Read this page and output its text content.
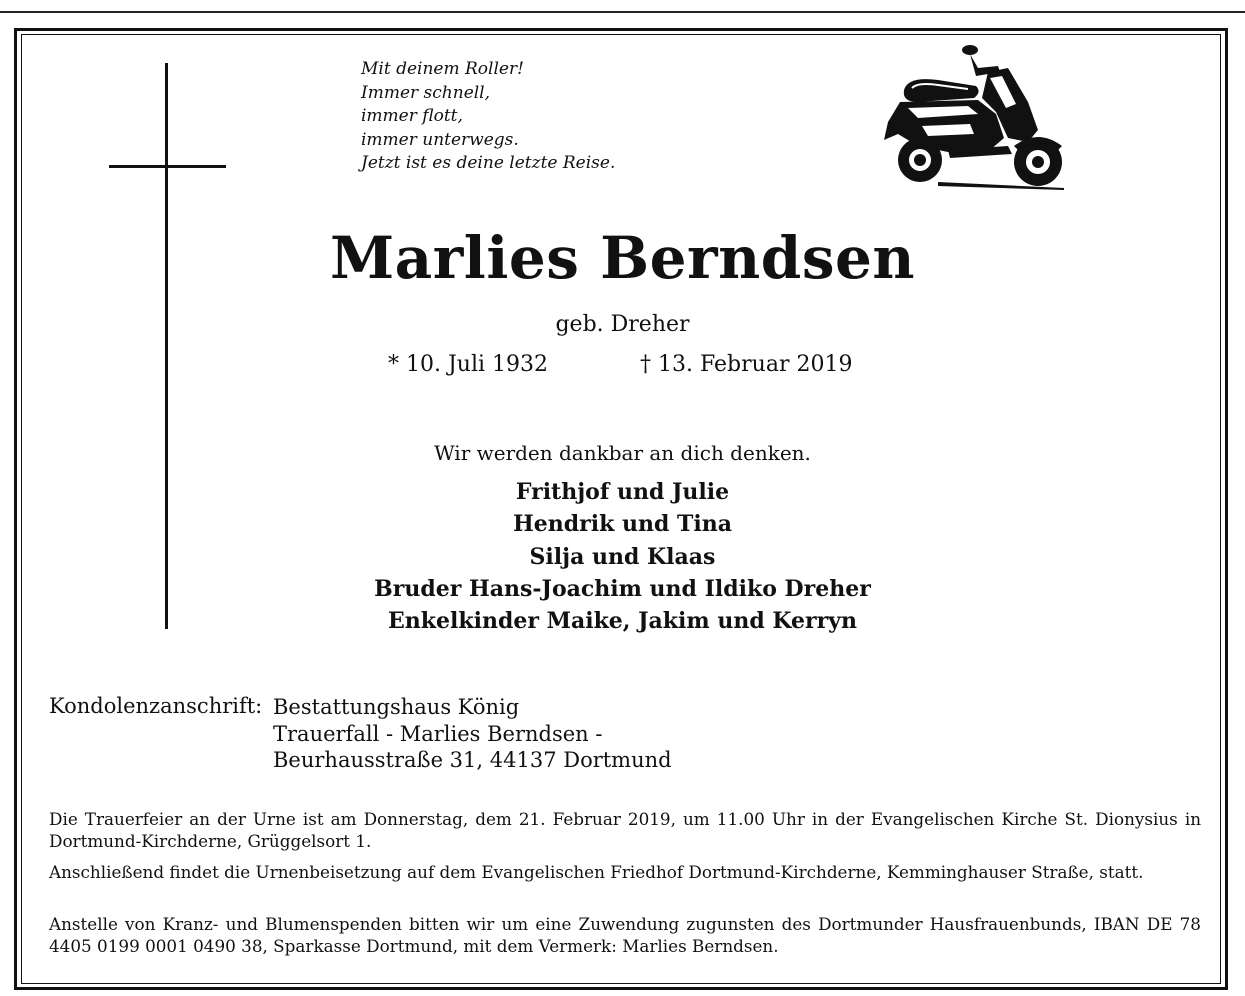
Mit deinem Roller!
Immer schnell,
immer flott,
immer unterwegs.
Jetzt ist es deine letzte Reise.
Marlies Berndsen
geb. Dreher
* 10. Juli 1932	† 13. Februar 2019
Wir werden dankbar an dich denken.
Frithjof und Julie
Hendrik und Tina
Silja und Klaas
Bruder Hans-Joachim und Ildiko Dreher
Enkelkinder Maike, Jakim und Kerryn
Kondolenzanschrift: Bestattungshaus König
Trauerfall - Marlies Berndsen -
Beurhausstraße 31, 44137 Dortmund
Die Trauerfeier an der Urne ist am Donnerstag, dem 21. Februar 2019, um 11.00 Uhr in der Evangelischen Kirche St. Dionysius in Dortmund-Kirchderne, Grüggelsort 1.
Anschließend findet die Urnenbeisetzung auf dem Evangelischen Friedhof Dortmund-Kirchderne, Kemminghauser Straße, statt.
Anstelle von Kranz- und Blumenspenden bitten wir um eine Zuwendung zugunsten des Dortmunder Hausfrauenbunds, IBAN DE 78 4405 0199 0001 0490 38, Sparkasse Dortmund, mit dem Vermerk: Marlies Berndsen.
